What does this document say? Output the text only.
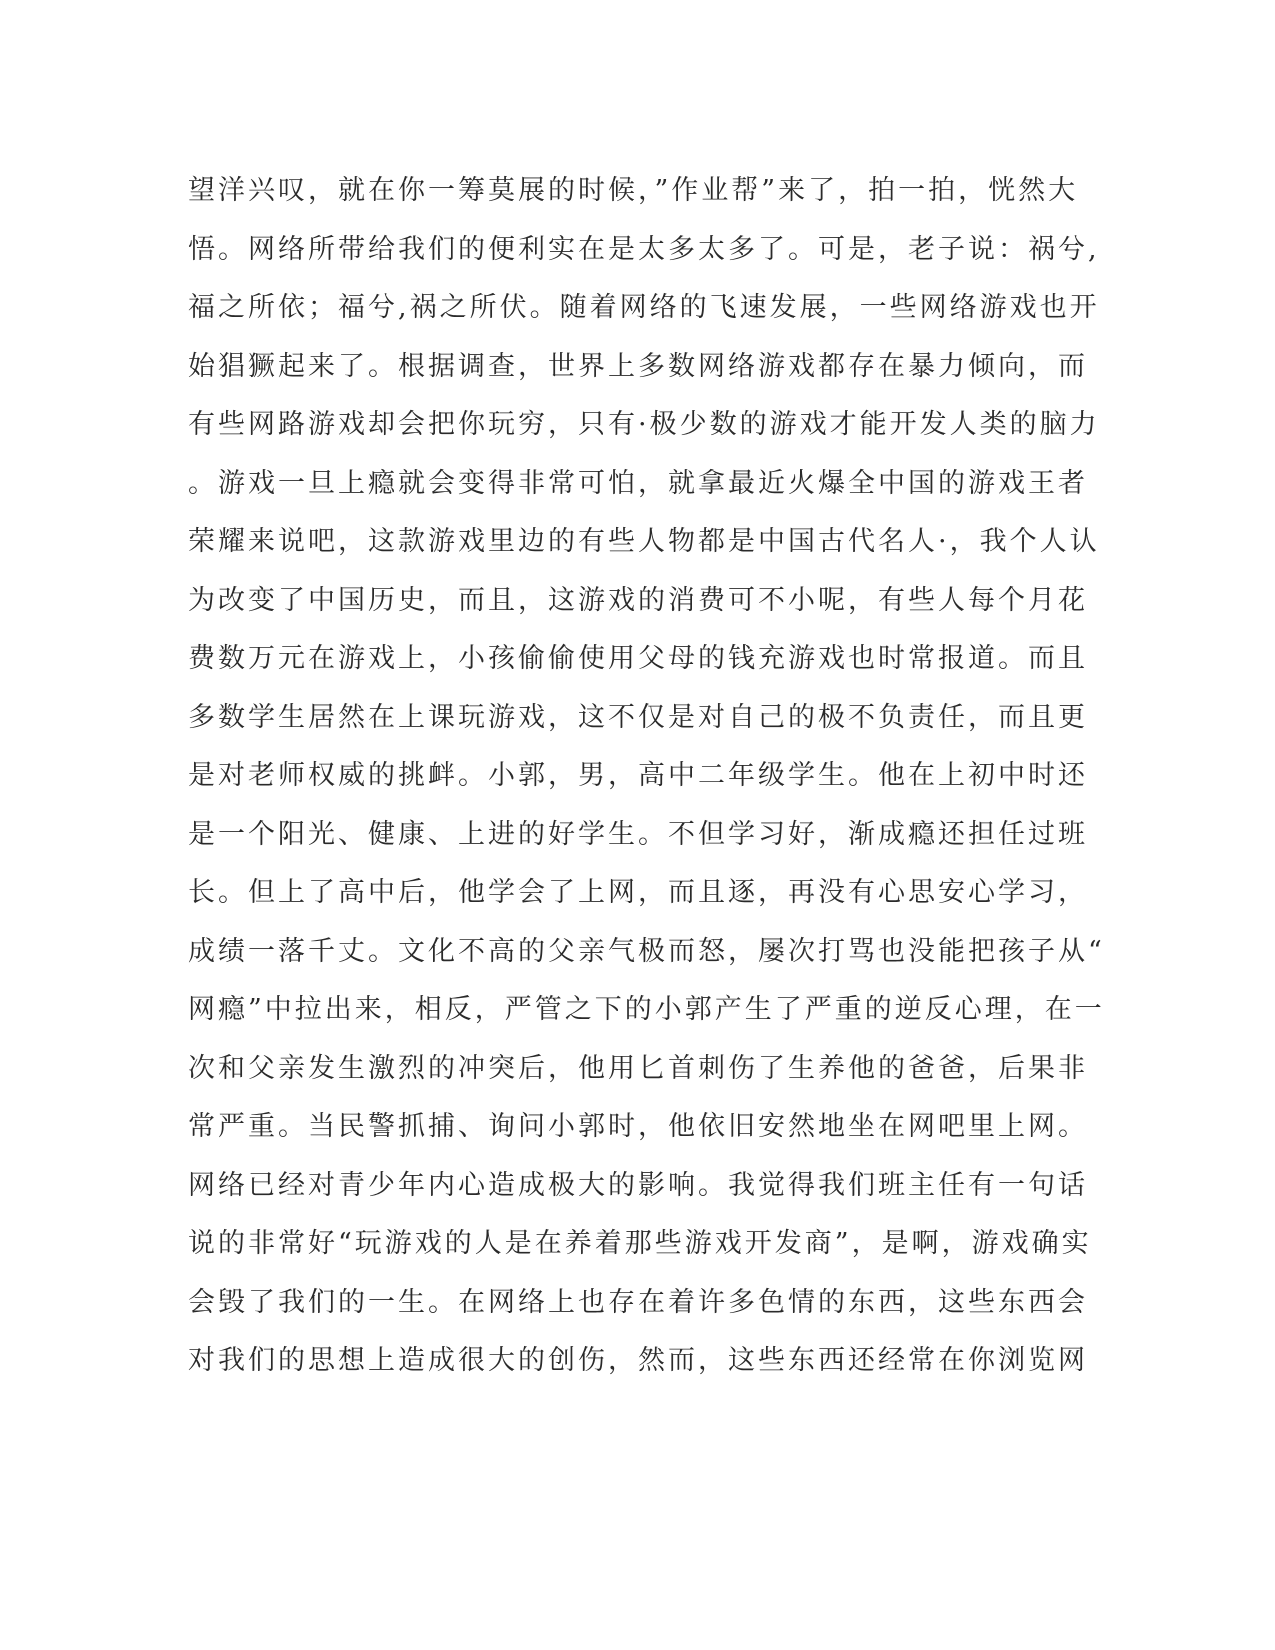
望洋兴叹，就在你一筹莫展的时候，”作业帮”来了，拍一拍，恍然大
悟。网络所带给我们的便利实在是太多太多了。可是，老子说：祸兮,
福之所依；福兮,祸之所伏。随着网络的飞速发展，一些网络游戏也开
始猖獗起来了。根据调查，世界上多数网络游戏都存在暴力倾向，而
有些网路游戏却会把你玩穷，只有·极少数的游戏才能开发人类的脑力
。游戏一旦上瘾就会变得非常可怕，就拿最近火爆全中国的游戏王者
荣耀来说吧，这款游戏里边的有些人物都是中国古代名人·，我个人认
为改变了中国历史，而且，这游戏的消费可不小呢，有些人每个月花
费数万元在游戏上，小孩偷偷使用父母的钱充游戏也时常报道。而且
多数学生居然在上课玩游戏，这不仅是对自己的极不负责任，而且更
是对老师权威的挑衅。小郭，男，高中二年级学生。他在上初中时还
是一个阳光、健康、上进的好学生。不但学习好，渐成瘾还担任过班
长。但上了高中后，他学会了上网，而且逐，再没有心思安心学习，
成绩一落千丈。文化不高的父亲气极而怒，屡次打骂也没能把孩子从“
网瘾”中拉出来，相反，严管之下的小郭产生了严重的逆反心理，在一
次和父亲发生激烈的冲突后，他用匕首刺伤了生养他的爸爸，后果非
常严重。当民警抓捕、询问小郭时，他依旧安然地坐在网吧里上网。
网络已经对青少年内心造成极大的影响。我觉得我们班主任有一句话
说的非常好“玩游戏的人是在养着那些游戏开发商”，是啊，游戏确实
会毁了我们的一生。在网络上也存在着许多色情的东西，这些东西会
对我们的思想上造成很大的创伤，然而，这些东西还经常在你浏览网
